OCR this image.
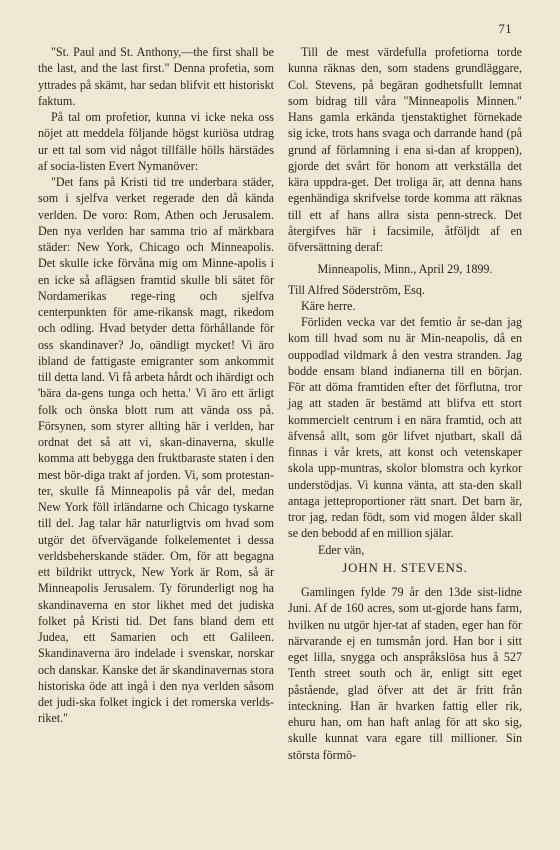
71

"St. Paul and St. Anthony,—the first shall be the last, and the last first." Denna profetia, som yttrades på skämt, har sedan blifvit ett historiskt faktum.

På tal om profetior, kunna vi icke neka oss nöjet att meddela följande högst kuriösa utdrag ur ett tal som vid något tillfälle hölls härstädes af socia-listen Evert Nymanöver:

"Det fans på Kristi tid tre underbara städer, som i sjelfva verket regerade den då kända verlden. De voro: Rom, Athen och Jerusalem. Den nya verlden har samma trio af märkbara städer: New York, Chicago och Minneapolis. Det skulle icke förvåna mig om Minne-apolis i en icke så aflägsen framtid skulle bli sätet för Nordamerikas rege-ring och sjelfva centerpunkten för ame-rikansk magt, rikedom och odling. Hvad betyder detta förhållande för oss skandinaver? Jo, oändligt mycket! Vi äro ibland de fattigaste emigranter som ankommit till detta land. Vi få arbeta hårdt och ihärdigt och 'bära da-gens tunga och hetta.' Vi äro ett ärligt folk och önska blott rum att vända oss på. Försynen, som styrer allting här i verlden, har ordnat det så att vi, skan-dinaverna, skulle komma att bebygga den fruktbaraste staten i den mest bör-diga trakt af jorden. Vi, som protestan-ter, skulle få Minneapolis på vår del, medan New York föll irländarne och Chicago tyskarne till del. Jag talar här naturligtvis om hvad som utgör det öfvervägande folkelementet i dessa verldsbeherskande städer. Om, för att begagna ett bildrikt uttryck, New York är Rom, så är Minneapolis Jerusalem. Ty förunderligt nog ha skandinaverna en stor likhet med det judiska folket på Kristi tid. Det fans bland dem ett Judea, ett Samarien och ett Galileen. Skandinaverna äro indelade i svenskar, norskar och danskar. Kanske det är skandinavernas stora historiska öde att ingå i den nya verlden såsom det judi-ska folket ingick i det romerska verlds-riket."

Till de mest värdefulla profetiorna torde kunna räknas den, som stadens grundläggare, Col. Stevens, på begäran godhetsfullt lemnat som bidrag till våra "Minneapolis Minnen." Hans gamla erkända tjenstaktighet förnekade sig icke, trots hans svaga och darrande hand (på grund af förlamning i ena si-dan af kroppen), gjorde det svårt för honom att verkställa det kära uppdra-get. Det troliga är, att denna hans egenhändiga skrifvelse torde komma att räknas till ett af hans allra sista penn-streck. Det återgifves här i facsimile, åtföljdt af en öfversättning deraf:

Minneapolis, Minn., April 29, 1899.

Till Alfred Söderström, Esq.

Käre herre.

Förliden vecka var det femtio år se-dan jag kom till hvad som nu är Min-neapolis, då en ouppodlad vildmark å den vestra stranden. Jag bodde ensam bland indianerna till en början. För att döma framtiden efter det förflutna, tror jag att staden är bestämd att blifva ett stort kommercielt centrum i en nära framtid, och att äfvenså allt, som gör lifvet njutbart, skall då finnas i vår krets, att konst och vetenskaper skola upp-muntras, skolor blomstra och kyrkor understödjas. Vi kunna vänta, att sta-den skall antaga jetteproportioner rätt snart. Det barn är, tror jag, redan födt, som vid mogen ålder skall se den bebodd af en million själar.

Eder vän,

JOHN H. STEVENS.

Gamlingen fylde 79 år den 13de sist-lidne Juni. Af de 160 acres, som ut-gjorde hans farm, hvilken nu utgör hjer-tat af staden, eger han för närvarande ej en tumsmån jord. Han bor i sitt eget lilla, snygga och anspråkslösa hus å 527 Tenth street south och är, enligt sitt eget påstående, glad öfver att det är fritt från inteckning. Han är hvarken fattig eller rik, ehuru han, om han haft anlag för att sko sig, skulle kunnat vara egare till millioner. Sin största förmö-
